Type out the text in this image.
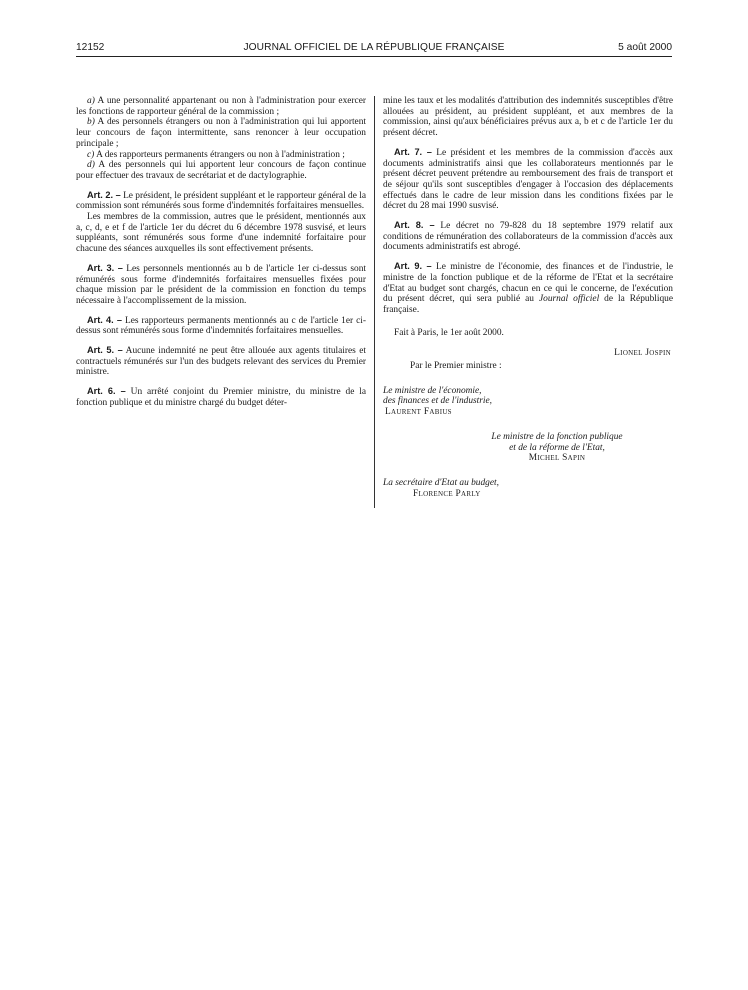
12152	JOURNAL OFFICIEL DE LA RÉPUBLIQUE FRANÇAISE	5 août 2000

a) A une personnalité appartenant ou non à l'administration pour exercer les fonctions de rapporteur général de la commission ;

b) A des personnels étrangers ou non à l'administration qui lui apportent leur concours de façon intermittente, sans renoncer à leur occupation principale ;

c) A des rapporteurs permanents étrangers ou non à l'administration ;

d) A des personnels qui lui apportent leur concours de façon continue pour effectuer des travaux de secrétariat et de dactylographie.

Art. 2. – Le président, le président suppléant et le rapporteur général de la commission sont rémunérés sous forme d'indemnités forfaitaires mensuelles.

Les membres de la commission, autres que le président, mentionnés aux a, c, d, e et f de l'article 1er du décret du 6 décembre 1978 susvisé, et leurs suppléants, sont rémunérés sous forme d'une indemnité forfaitaire pour chacune des séances auxquelles ils sont effectivement présents.

Art. 3. – Les personnels mentionnés au b de l'article 1er ci-dessus sont rémunérés sous forme d'indemnités forfaitaires mensuelles fixées pour chaque mission par le président de la commission en fonction du temps nécessaire à l'accomplissement de la mission.

Art. 4. – Les rapporteurs permanents mentionnés au c de l'article 1er ci-dessus sont rémunérés sous forme d'indemnités forfaitaires mensuelles.

Art. 5. – Aucune indemnité ne peut être allouée aux agents titulaires et contractuels rémunérés sur l'un des budgets relevant des services du Premier ministre.

Art. 6. – Un arrêté conjoint du Premier ministre, du ministre de la fonction publique et du ministre chargé du budget déter-

mine les taux et les modalités d'attribution des indemnités susceptibles d'être allouées au président, au président suppléant, et aux membres de la commission, ainsi qu'aux bénéficiaires prévus aux a, b et c de l'article 1er du présent décret.

Art. 7. – Le président et les membres de la commission d'accès aux documents administratifs ainsi que les collaborateurs mentionnés par le présent décret peuvent prétendre au remboursement des frais de transport et de séjour qu'ils sont susceptibles d'engager à l'occasion des déplacements effectués dans le cadre de leur mission dans les conditions fixées par le décret du 28 mai 1990 susvisé.

Art. 8. – Le décret no 79-828 du 18 septembre 1979 relatif aux conditions de rémunération des collaborateurs de la commission d'accès aux documents administratifs est abrogé.

Art. 9. – Le ministre de l'économie, des finances et de l'industrie, le ministre de la fonction publique et de la réforme de l'Etat et la secrétaire d'Etat au budget sont chargés, chacun en ce qui le concerne, de l'exécution du présent décret, qui sera publié au Journal officiel de la République française.

Fait à Paris, le 1er août 2000.

Lionel Jospin

Par le Premier ministre :

Le ministre de l'économie,

des finances et de l'industrie,

Laurent Fabius

Le ministre de la fonction publique

et de la réforme de l'Etat,

Michel Sapin

La secrétaire d'Etat au budget,

Florence Parly
